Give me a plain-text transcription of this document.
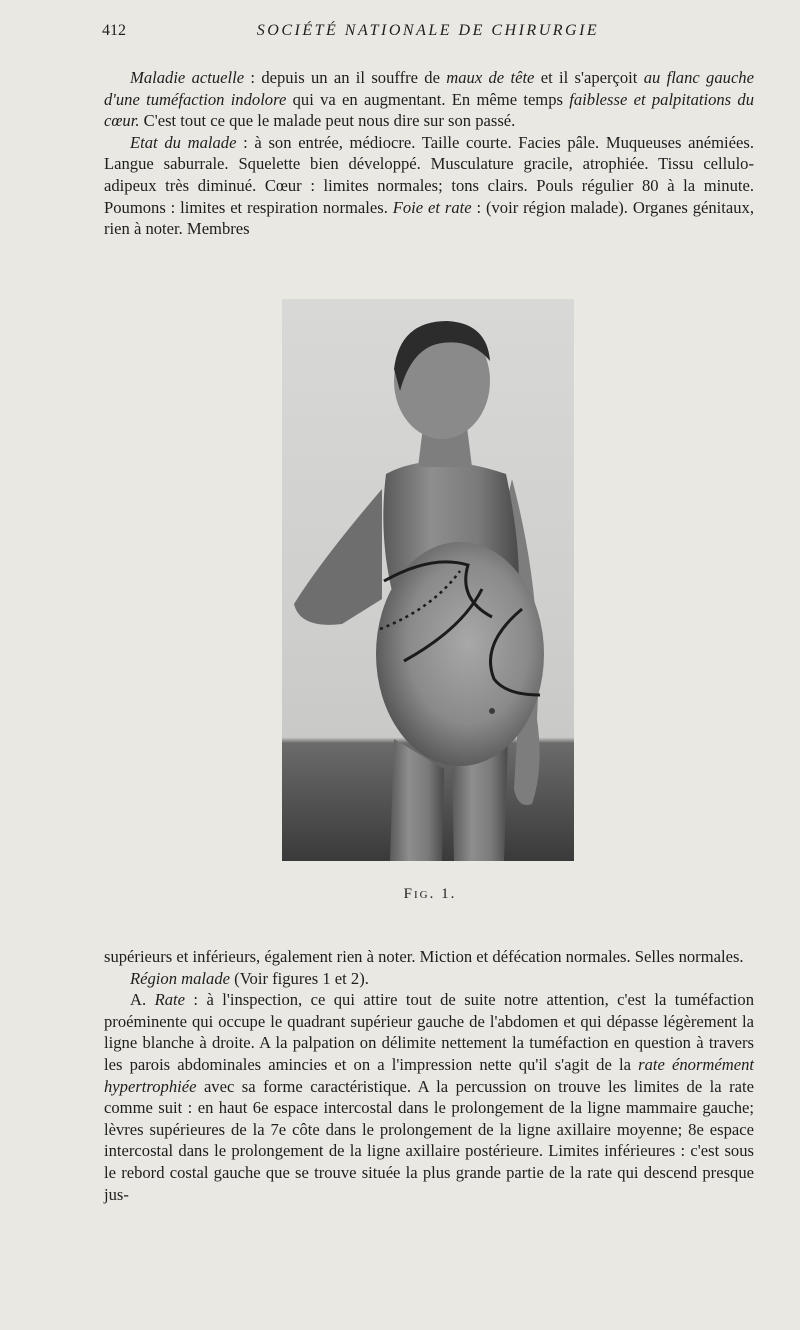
412	SOCIÉTÉ NATIONALE DE CHIRURGIE

Maladie actuelle : depuis un an il souffre de maux de tête et il s'aperçoit au flanc gauche d'une tuméfaction indolore qui va en augmentant. En même temps faiblesse et palpitations du cœur. C'est tout ce que le malade peut nous dire sur son passé.

Etat du malade : à son entrée, médiocre. Taille courte. Facies pâle. Muqueuses anémiées. Langue saburrale. Squelette bien développé. Musculature gracile, atrophiée. Tissu cellulo-adipeux très diminué. Cœur : limites normales; tons clairs. Pouls régulier 80 à la minute. Poumons : limites et respiration normales. Foie et rate : (voir région malade). Organes génitaux, rien à noter. Membres

Fig. 1.

supérieurs et inférieurs, également rien à noter. Miction et défécation normales. Selles normales.

Région malade (Voir figures 1 et 2).

A. Rate : à l'inspection, ce qui attire tout de suite notre attention, c'est la tuméfaction proéminente qui occupe le quadrant supérieur gauche de l'abdomen et qui dépasse légèrement la ligne blanche à droite. A la palpation on délimite nettement la tuméfaction en question à travers les parois abdominales amincies et on a l'impression nette qu'il s'agit de la rate énormément hypertrophiée avec sa forme caractéristique. A la percussion on trouve les limites de la rate comme suit : en haut 6e espace intercostal dans le prolongement de la ligne mammaire gauche; lèvres supérieures de la 7e côte dans le prolongement de la ligne axillaire moyenne; 8e espace intercostal dans le prolongement de la ligne axillaire postérieure. Limites inférieures : c'est sous le rebord costal gauche que se trouve située la plus grande partie de la rate qui descend presque jus-
